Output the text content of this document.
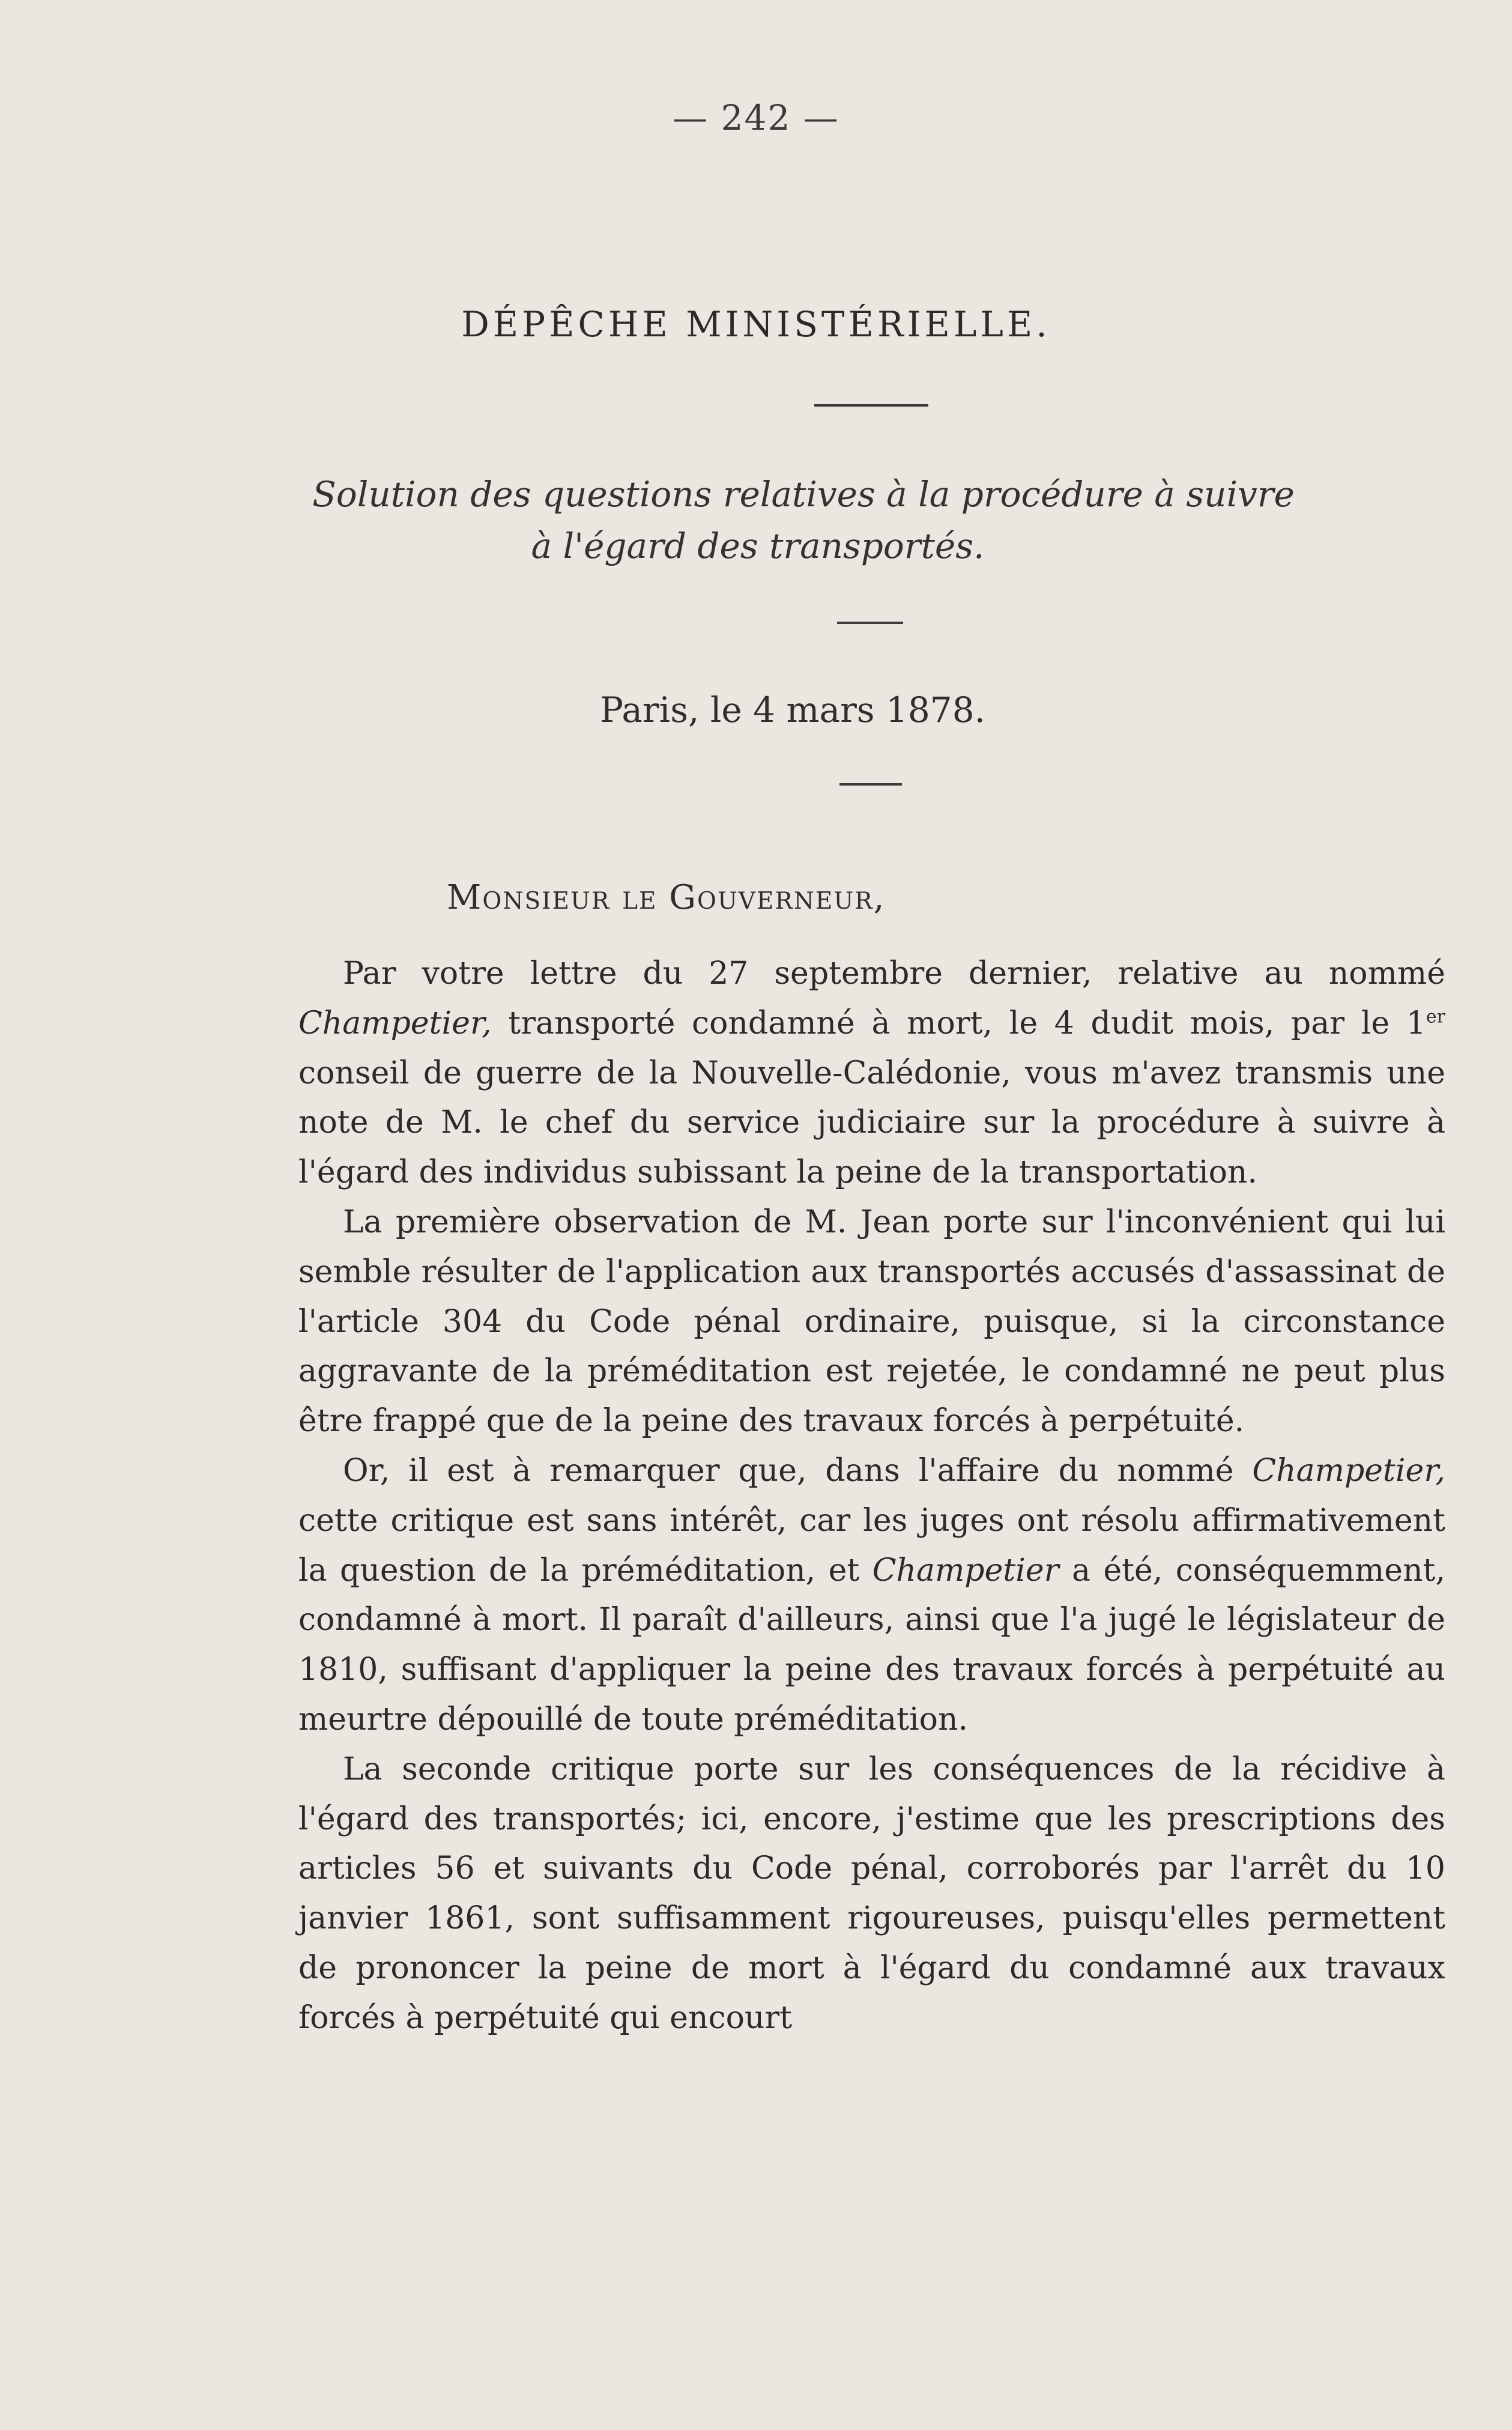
— 242 —
DÉPÊCHE MINISTÉRIELLE.
Solution des questions relatives à la procédure à suivre
à l'égard des transportés.
Paris, le 4 mars 1878.
Monsieur le Gouverneur,

Par votre lettre du 27 septembre dernier, relative au nommé Champetier, transporté condamné à mort, le 4 dudit mois, par le 1er conseil de guerre de la Nouvelle-Calédonie, vous m'avez transmis une note de M. le chef du service judiciaire sur la procédure à suivre à l'égard des individus subissant la peine de la transportation.

La première observation de M. Jean porte sur l'inconvénient qui lui semble résulter de l'application aux transportés accusés d'assassinat de l'article 304 du Code pénal ordinaire, puisque, si la circonstance aggravante de la préméditation est rejetée, le condamné ne peut plus être frappé que de la peine des travaux forcés à perpétuité.

Or, il est à remarquer que, dans l'affaire du nommé Champetier, cette critique est sans intérêt, car les juges ont résolu affirmativement la question de la préméditation, et Champetier a été, conséquemment, condamné à mort. Il paraît d'ailleurs, ainsi que l'a jugé le législateur de 1810, suffisant d'appliquer la peine des travaux forcés à perpétuité au meurtre dépouillé de toute préméditation.

La seconde critique porte sur les conséquences de la récidive à l'égard des transportés; ici, encore, j'estime que les prescriptions des articles 56 et suivants du Code pénal, corroborés par l'arrêt du 10 janvier 1861, sont suffisamment rigoureuses, puisqu'elles permettent de prononcer la peine de mort à l'égard du condamné aux travaux forcés à perpétuité qui encourt
